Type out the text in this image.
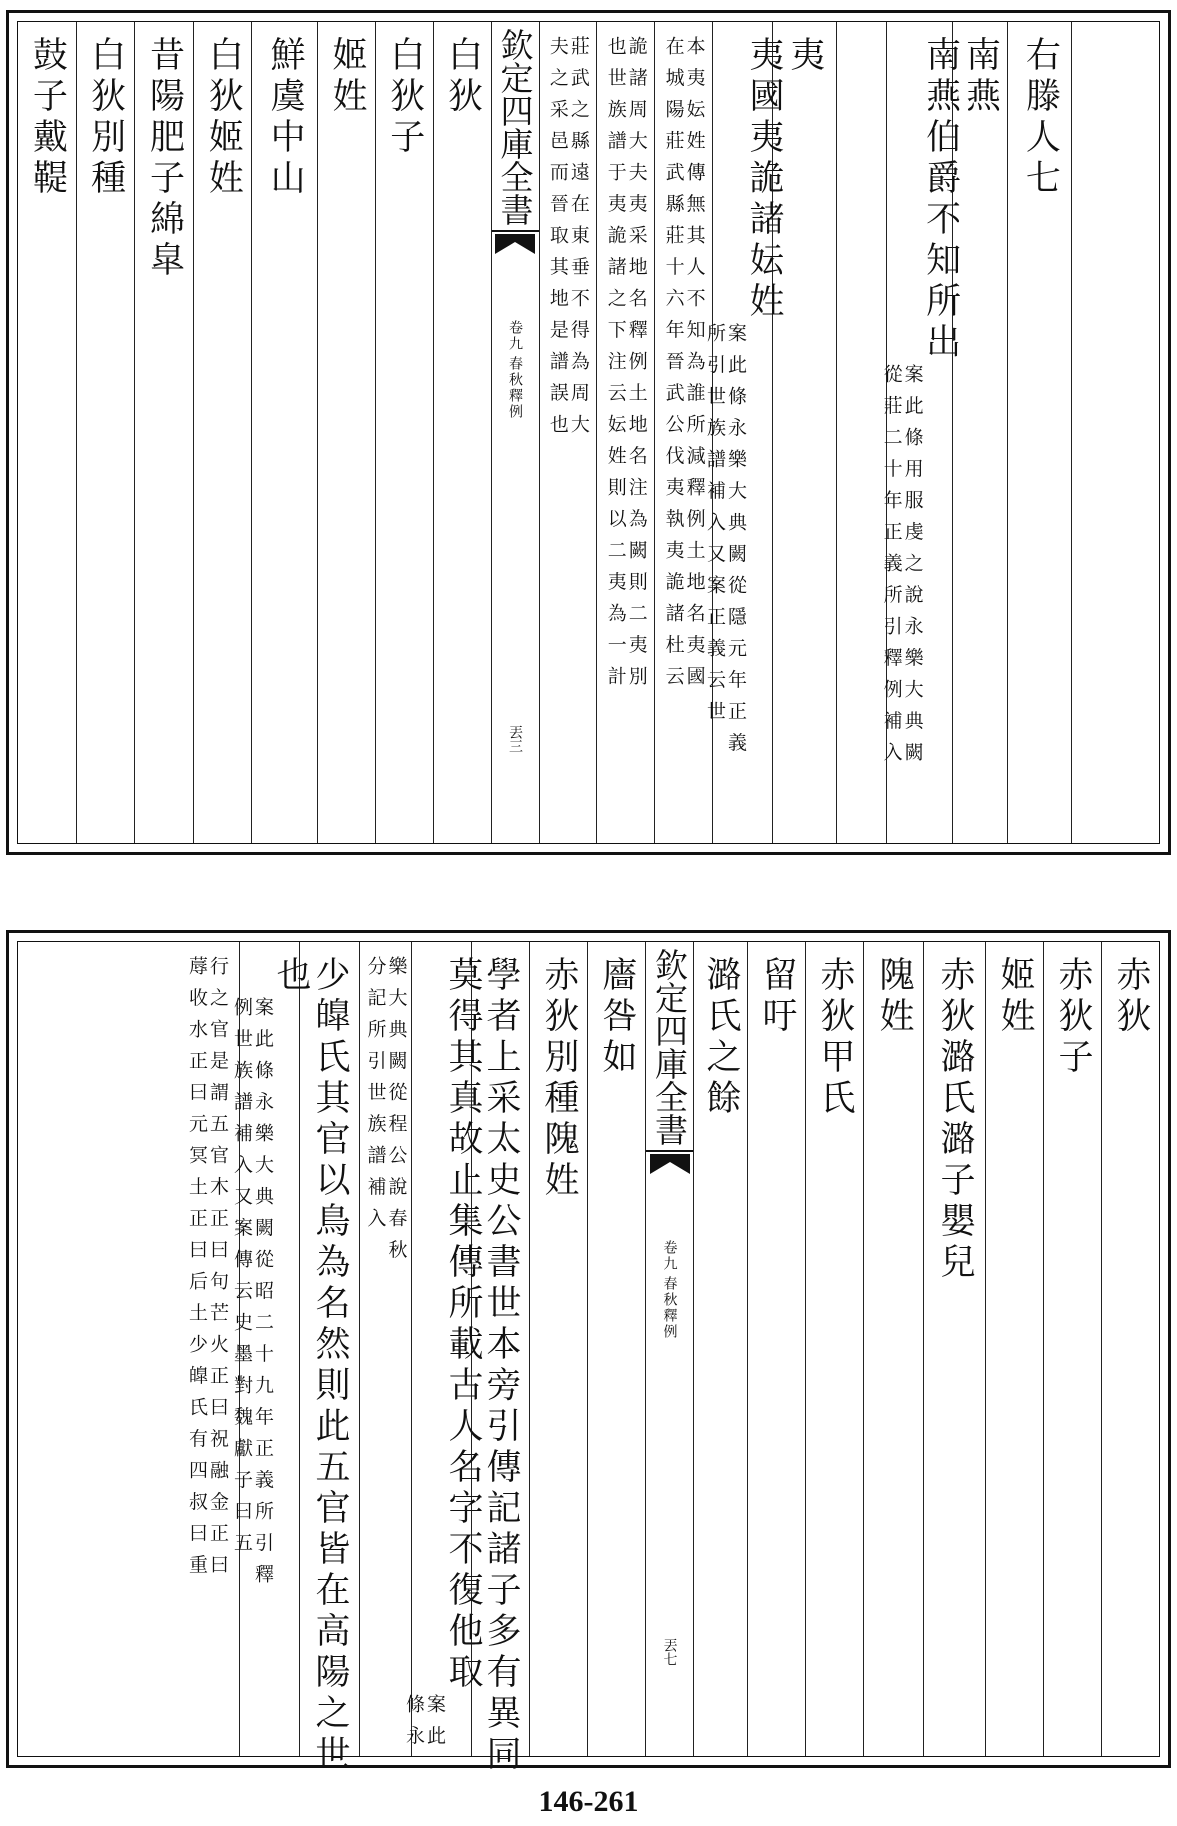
右滕人七
南燕
南燕伯爵不知所出
案此條用服虔之說永樂大典闕
從莊二十年正義所引釋例補入
夷
夷國夷詭諸妘姓
案此條永樂大典闕從隱元年正義
所引世族譜補入又案正義云世
本夷妘姓傳無其人不知為誰所減釋例土地名夷國
在城陽莊武縣莊十六年晉武公伐夷執夷詭諸杜云
詭諸周大夫夷采地名釋例土地名注為闕則二夷別
也世族譜于夷詭諸之下注云妘姓則以二夷為一計
莊武之縣遠在東垂不得為周大
夫之采邑而晉取其地是譜誤也
欽定四庫全書
春秋釋例
卷九
丟三
白狄
白狄子
姬姓
鮮虞中山
白狄姬姓
昔陽肥子綿皐
白狄別種
鼓子戴鞮
赤狄
赤狄子
姬姓
赤狄潞氏潞子嬰兒
隗姓
赤狄甲氏
留吁
潞氏之餘
欽定四庫全書
春秋釋例
卷九
丟七
廧咎如
赤狄別種隗姓
學者上采太史公書世本旁引傳記諸子多有異同
莫得其真故止集傳所載古人名字不復他取
案此
條永
樂大典闕從程公說春秋
分記所引世族譜補入
少皥氏其官以鳥為名然則此五官皆在高陽之世
也
案此條永樂大典闕從昭二十九年正義所引釋
例世族譜補入又案傳云史墨對魏獻子曰五
行之官是謂五官木正曰句芒火正曰祝融金正曰
蓐收水正曰元冥土正曰后土少皥氏有四叔曰重
146-261
